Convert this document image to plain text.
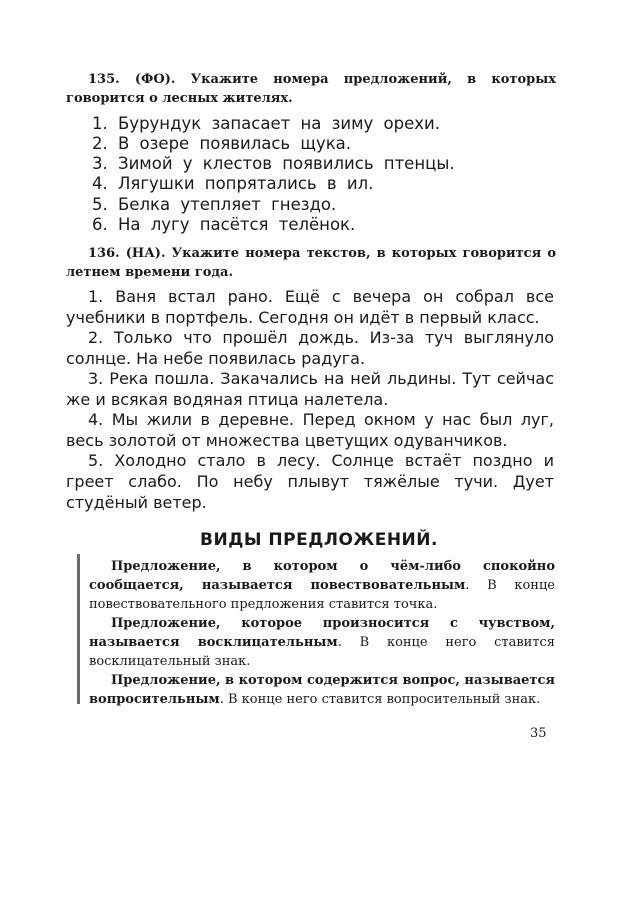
135. (ФО). Укажите номера предложений, в которых говорится о лесных жителях.
1. Бурундук запасает на зиму орехи.
2. В озере появилась щука.
3. Зимой у клестов появились птенцы.
4. Лягушки попрятались в ил.
5. Белка утепляет гнездо.
6. На лугу пасётся телёнок.
136. (НА). Укажите номера текстов, в которых говорится о летнем времени года.
1. Ваня встал рано. Ещё с вечера он собрал все учебники в портфель. Сегодня он идёт в первый класс.
2. Только что прошёл дождь. Из-за туч выглянуло солнце. На небе появилась радуга.
3. Река пошла. Закачались на ней льдины. Тут сейчас же и всякая водяная птица налетела.
4. Мы жили в деревне. Перед окном у нас был луг, весь золотой от множества цветущих одуванчиков.
5. Холодно стало в лесу. Солнце встаёт поздно и греет слабо. По небу плывут тяжёлые тучи. Дует студёный ветер.
ВИДЫ ПРЕДЛОЖЕНИЙ.
Предложение, в котором о чём-либо спокойно сообщается, называется повествовательным. В конце повествовательного предложения ставится точка.
Предложение, которое произносится с чувством, называется восклицательным. В конце него ставится восклицательный знак.
Предложение, в котором содержится вопрос, называется вопросительным. В конце него ставится вопросительный знак.
35
